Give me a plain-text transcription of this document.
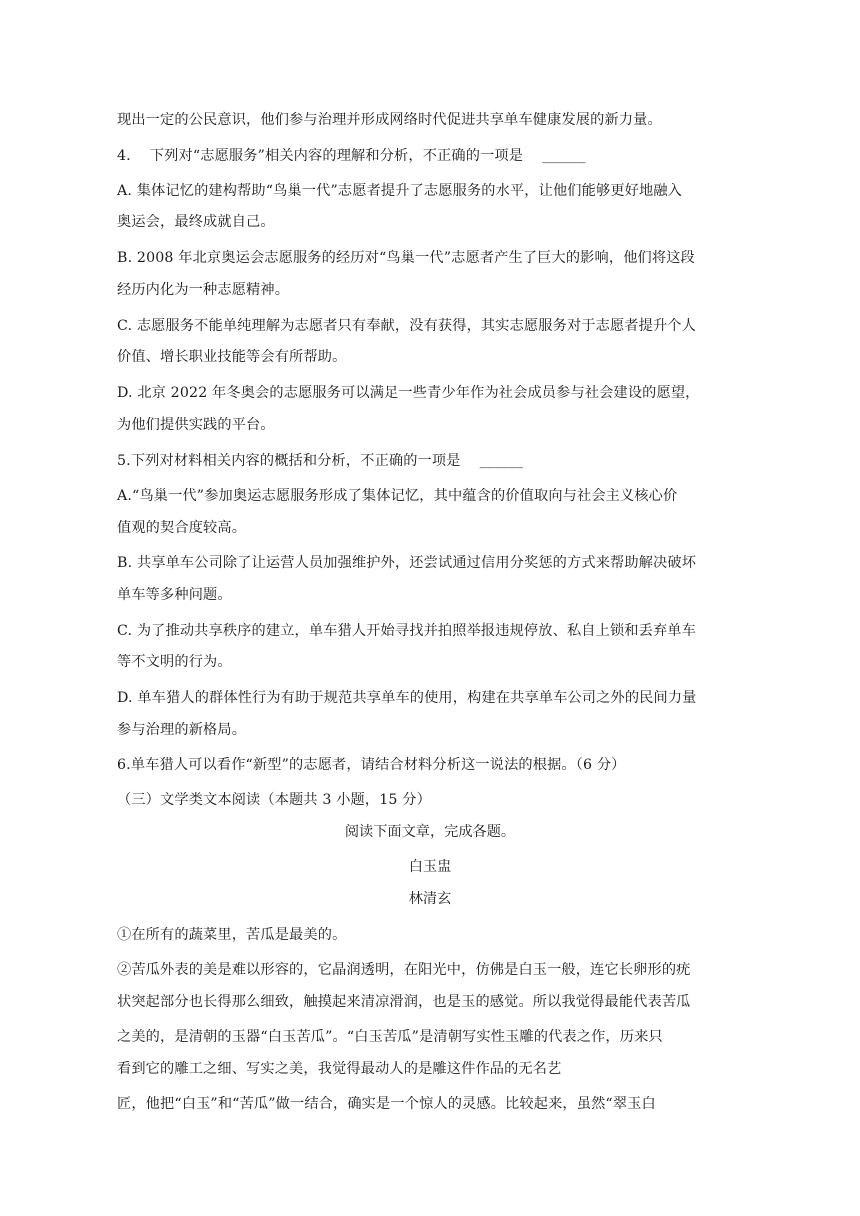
现出一定的公民意识，他们参与治理并形成网络时代促进共享单车健康发展的新力量。
4.　 下列对“志愿服务”相关内容的理解和分析，不正确的一项是　 ______
A. 集体记忆的建构帮助“鸟巢一代”志愿者提升了志愿服务的水平，让他们能够更好地融入
奥运会，最终成就自己。
B. 2008 年北京奥运会志愿服务的经历对“鸟巢一代”志愿者产生了巨大的影响，他们将这段
经历内化为一种志愿精神。
C. 志愿服务不能单纯理解为志愿者只有奉献，没有获得，其实志愿服务对于志愿者提升个人
价值、增长职业技能等会有所帮助。
D. 北京 2022 年冬奥会的志愿服务可以满足一些青少年作为社会成员参与社会建设的愿望，
为他们提供实践的平台。
5.下列对材料相关内容的概括和分析，不正确的一项是　 ______
A.“鸟巢一代”参加奥运志愿服务形成了集体记忆，其中蕴含的价值取向与社会主义核心价
值观的契合度较高。
B. 共享单车公司除了让运营人员加强维护外，还尝试通过信用分奖惩的方式来帮助解决破坏
单车等多种问题。
C. 为了推动共享秩序的建立，单车猎人开始寻找并拍照举报违规停放、私自上锁和丢弃单车
等不文明的行为。
D. 单车猎人的群体性行为有助于规范共享单车的使用，构建在共享单车公司之外的民间力量
参与治理的新格局。
6.单车猎人可以看作“新型”的志愿者，请结合材料分析这一说法的根据。（6 分）
（三）文学类文本阅读（本题共 3 小题，15 分）
阅读下面文章，完成各题。
白玉盅
林清玄
①在所有的蔬菜里，苦瓜是最美的。
②苦瓜外表的美是难以形容的，它晶润透明，在阳光中，仿佛是白玉一般，连它长卵形的疣
状突起部分也长得那么细致，触摸起来清凉滑润，也是玉的感觉。所以我觉得最能代表苦瓜
之美的，是清朝的玉器“白玉苦瓜”。“白玉苦瓜”是清朝写实性玉雕的代表之作，历来只
看到它的雕工之细、写实之美，我觉得最动人的是雕这件作品的无名艺
匠，他把“白玉”和“苦瓜”做一结合，确实是一个惊人的灵感。比较起来，虽然“翠玉白
